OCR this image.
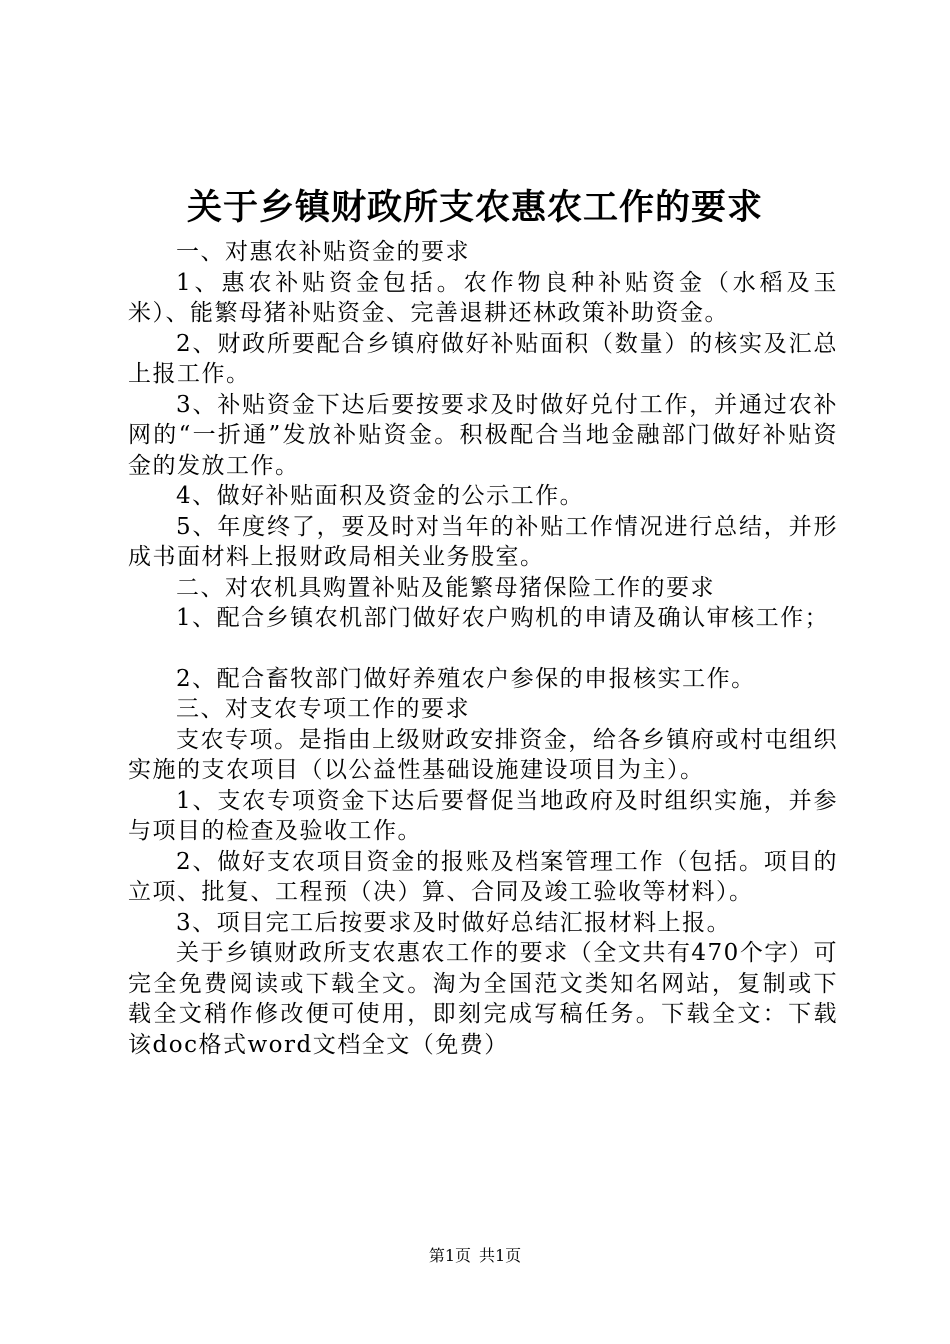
关于乡镇财政所支农惠农工作的要求

一、对惠农补贴资金的要求

1、惠农补贴资金包括。农作物良种补贴资金（水稻及玉米）、能繁母猪补贴资金、完善退耕还林政策补助资金。

2、财政所要配合乡镇府做好补贴面积（数量）的核实及汇总上报工作。

3、补贴资金下达后要按要求及时做好兑付工作，并通过农补网的“一折通”发放补贴资金。积极配合当地金融部门做好补贴资金的发放工作。

4、做好补贴面积及资金的公示工作。

5、年度终了，要及时对当年的补贴工作情况进行总结，并形成书面材料上报财政局相关业务股室。

二、对农机具购置补贴及能繁母猪保险工作的要求

1、配合乡镇农机部门做好农户购机的申请及确认审核工作；

2、配合畜牧部门做好养殖农户参保的申报核实工作。

三、对支农专项工作的要求

支农专项。是指由上级财政安排资金，给各乡镇府或村屯组织实施的支农项目（以公益性基础设施建设项目为主）。

1、支农专项资金下达后要督促当地政府及时组织实施，并参与项目的检查及验收工作。

2、做好支农项目资金的报账及档案管理工作（包括。项目的立项、批复、工程预（决）算、合同及竣工验收等材料）。

3、项目完工后按要求及时做好总结汇报材料上报。

关于乡镇财政所支农惠农工作的要求（全文共有470个字）可完全免费阅读或下载全文。淘为全国范文类知名网站，复制或下载全文稍作修改便可使用，即刻完成写稿任务。下载全文：下载该doc格式word文档全文（免费）

第1页 共1页
